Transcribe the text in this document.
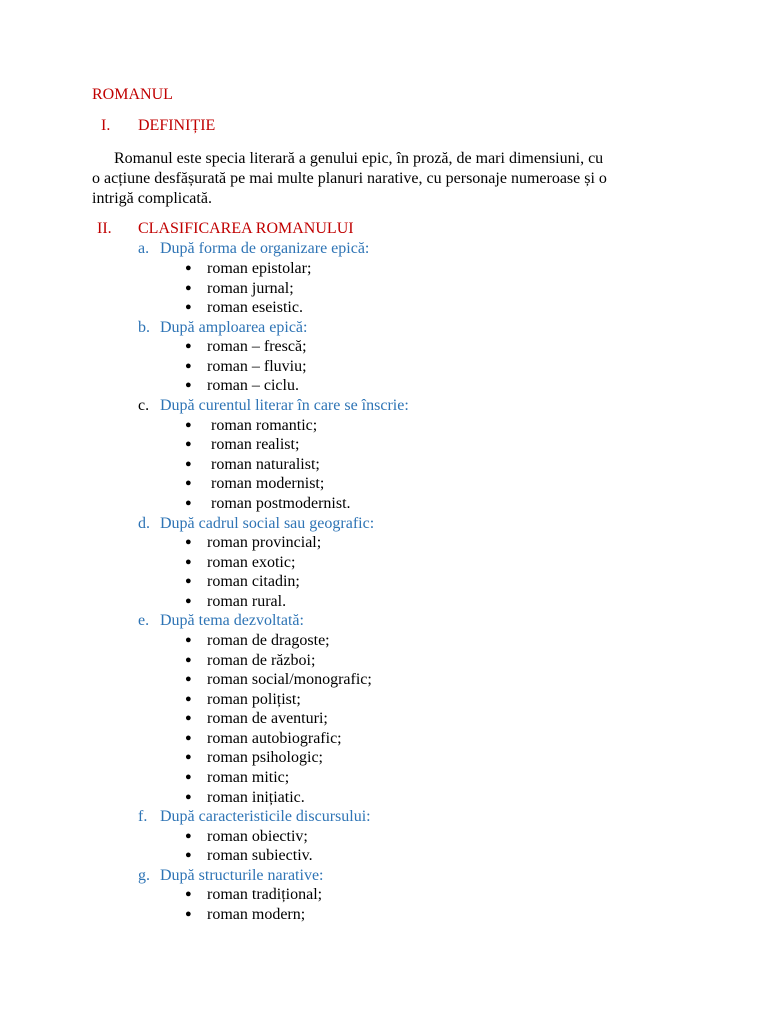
ROMANUL
I. DEFINIȚIE
Romanul este specia literară a genului epic, în proză, de mari dimensiuni, cu
o acțiune desfășurată pe mai multe planuri narative, cu personaje numeroase și o
intrigă complicată.
II. CLASIFICAREA ROMANULUI
a. După forma de organizare epică:
● roman epistolar;
● roman jurnal;
● roman eseistic.
b. După amploarea epică:
● roman – frescă;
● roman – fluviu;
● roman – ciclu.
c. După curentul literar în care se înscrie:
● roman romantic;
● roman realist;
● roman naturalist;
● roman modernist;
● roman postmodernist.
d. După cadrul social sau geografic:
● roman provincial;
● roman exotic;
● roman citadin;
● roman rural.
e. După tema dezvoltată:
● roman de dragoste;
● roman de război;
● roman social/monografic;
● roman polițist;
● roman de aventuri;
● roman autobiografic;
● roman psihologic;
● roman mitic;
● roman inițiatic.
f. După caracteristicile discursului:
● roman obiectiv;
● roman subiectiv.
g. După structurile narative:
● roman tradițional;
● roman modern;
